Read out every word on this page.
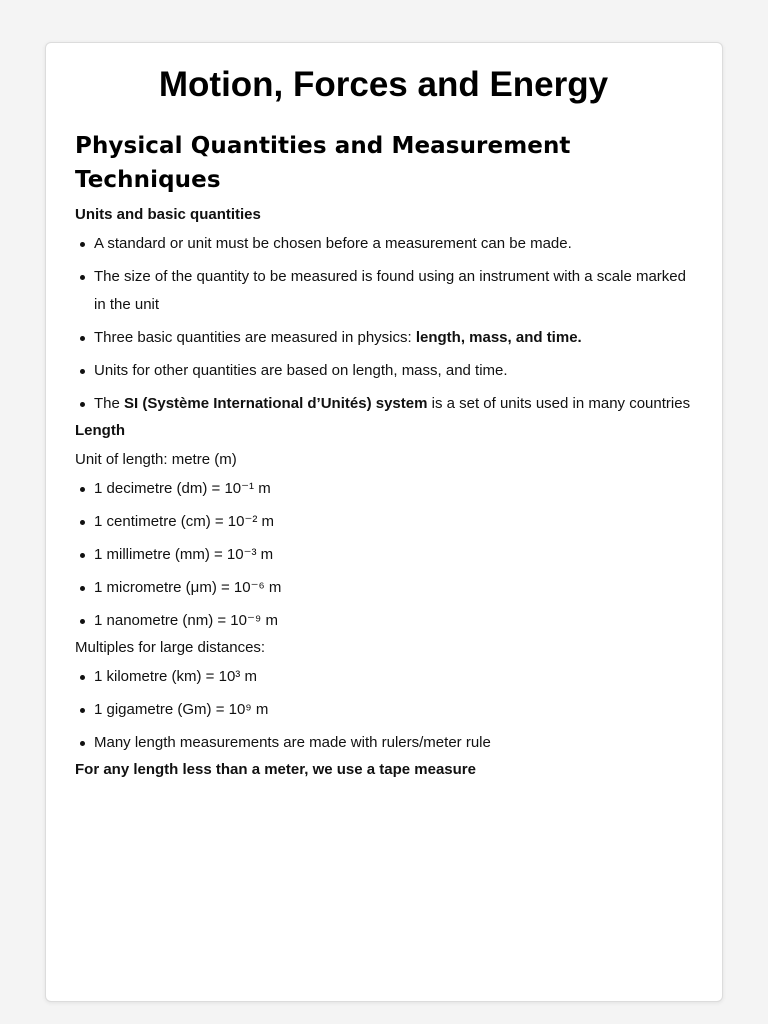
Motion, Forces and Energy
Physical Quantities and Measurement Techniques
Units and basic quantities
A standard or unit must be chosen before a measurement can be made.
The size of the quantity to be measured is found using an instrument with a scale marked in the unit
Three basic quantities are measured in physics: length, mass, and time.
Units for other quantities are based on length, mass, and time.
The SI (Système International d’Unités) system is a set of units used in many countries
Length
Unit of length: metre (m)
1 decimetre (dm) = 10⁻¹ m
1 centimetre (cm) = 10⁻² m
1 millimetre (mm) = 10⁻³ m
1 micrometre (μm) = 10⁻⁶ m
1 nanometre (nm) = 10⁻⁹ m
Multiples for large distances:
1 kilometre (km) = 10³ m
1 gigametre (Gm) = 10⁹ m
Many length measurements are made with rulers/meter rule
For any length less than a meter, we use a tape measure
